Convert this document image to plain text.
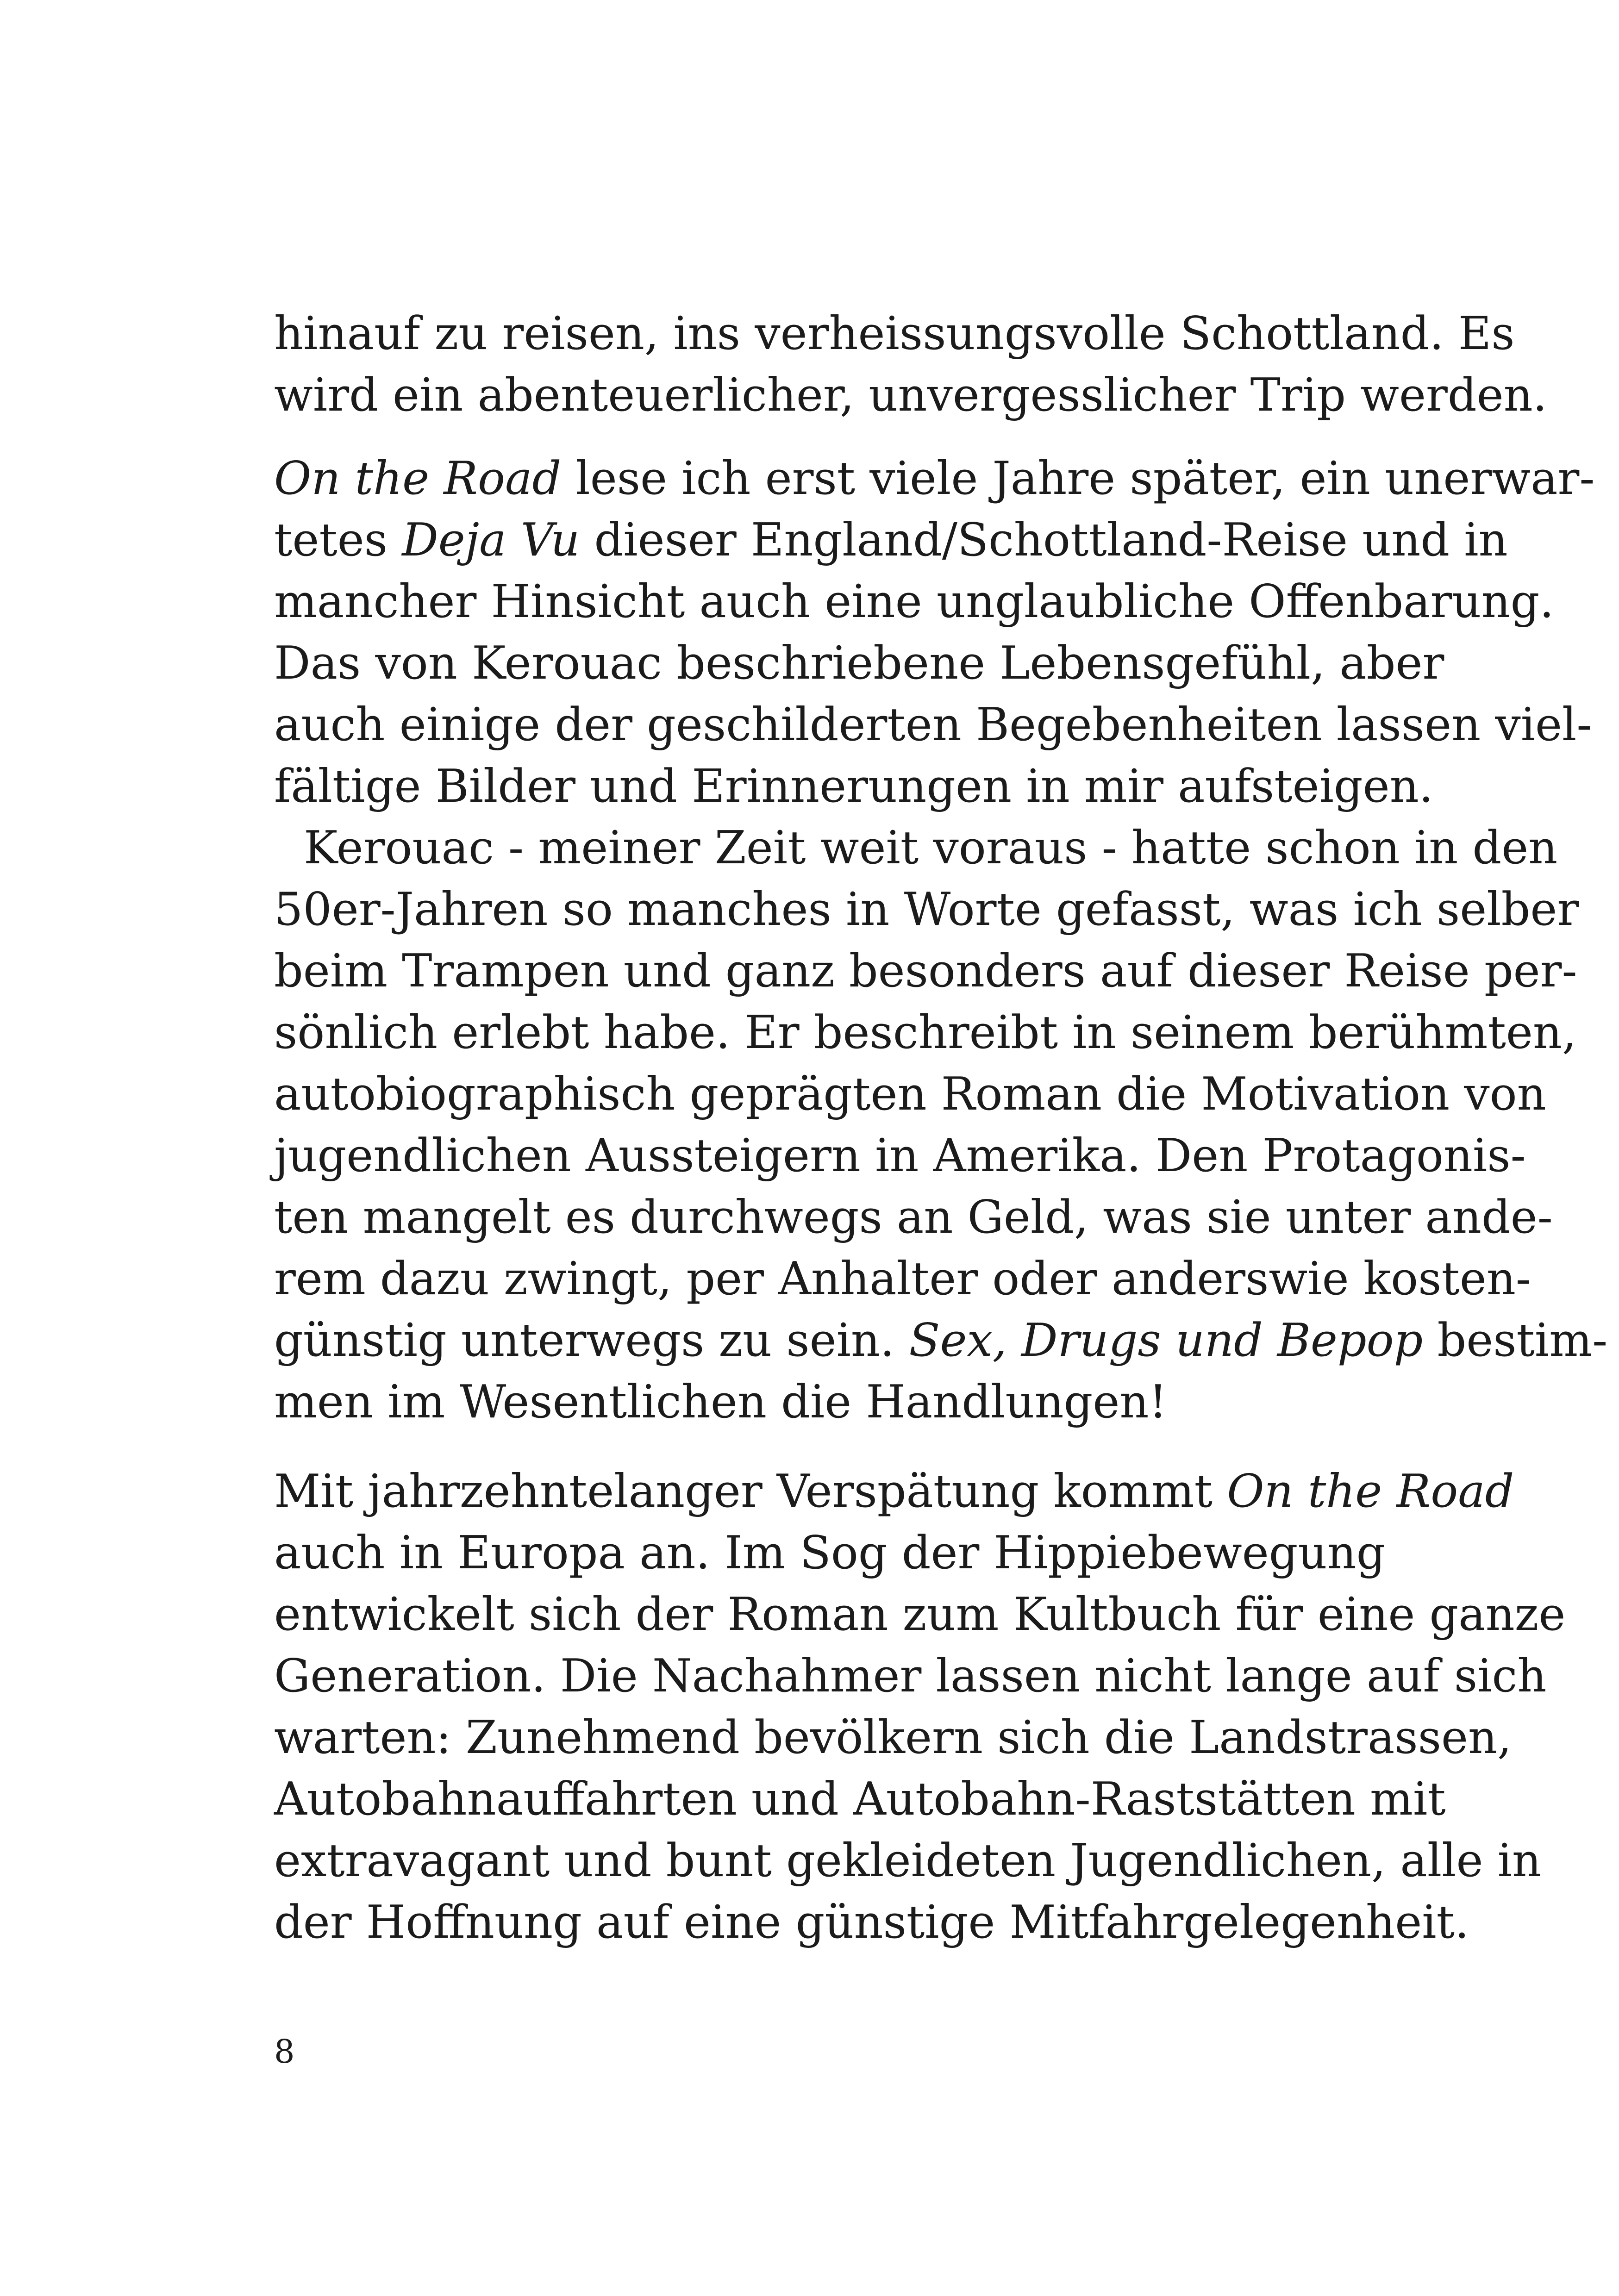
hinauf zu reisen, ins verheissungsvolle Schottland. Es
wird ein abenteuerlicher, unvergesslicher Trip werden.
On the Road lese ich erst viele Jahre später, ein unerwar-
tetes Deja Vu dieser England/Schottland-Reise und in
mancher Hinsicht auch eine unglaubliche Offenbarung.
Das von Kerouac beschriebene Lebensgefühl, aber
auch einige der geschilderten Begebenheiten lassen viel-
fältige Bilder und Erinnerungen in mir aufsteigen.
Kerouac - meiner Zeit weit voraus - hatte schon in den
50er-Jahren so manches in Worte gefasst, was ich selber
beim Trampen und ganz besonders auf dieser Reise per-
sönlich erlebt habe. Er beschreibt in seinem berühmten,
autobiographisch geprägten Roman die Motivation von
jugendlichen Aussteigern in Amerika. Den Protagonis-
ten mangelt es durchwegs an Geld, was sie unter ande-
rem dazu zwingt, per Anhalter oder anderswie kosten-
günstig unterwegs zu sein. Sex, Drugs und Bepop bestim-
men im Wesentlichen die Handlungen!
Mit jahrzehntelanger Verspätung kommt On the Road
auch in Europa an. Im Sog der Hippiebewegung
entwickelt sich der Roman zum Kultbuch für eine ganze
Generation. Die Nachahmer lassen nicht lange auf sich
warten: Zunehmend bevölkern sich die Landstrassen,
Autobahnauffahrten und Autobahn-Raststätten mit
extravagant und bunt gekleideten Jugendlichen, alle in
der Hoffnung auf eine günstige Mitfahrgelegenheit.
8
